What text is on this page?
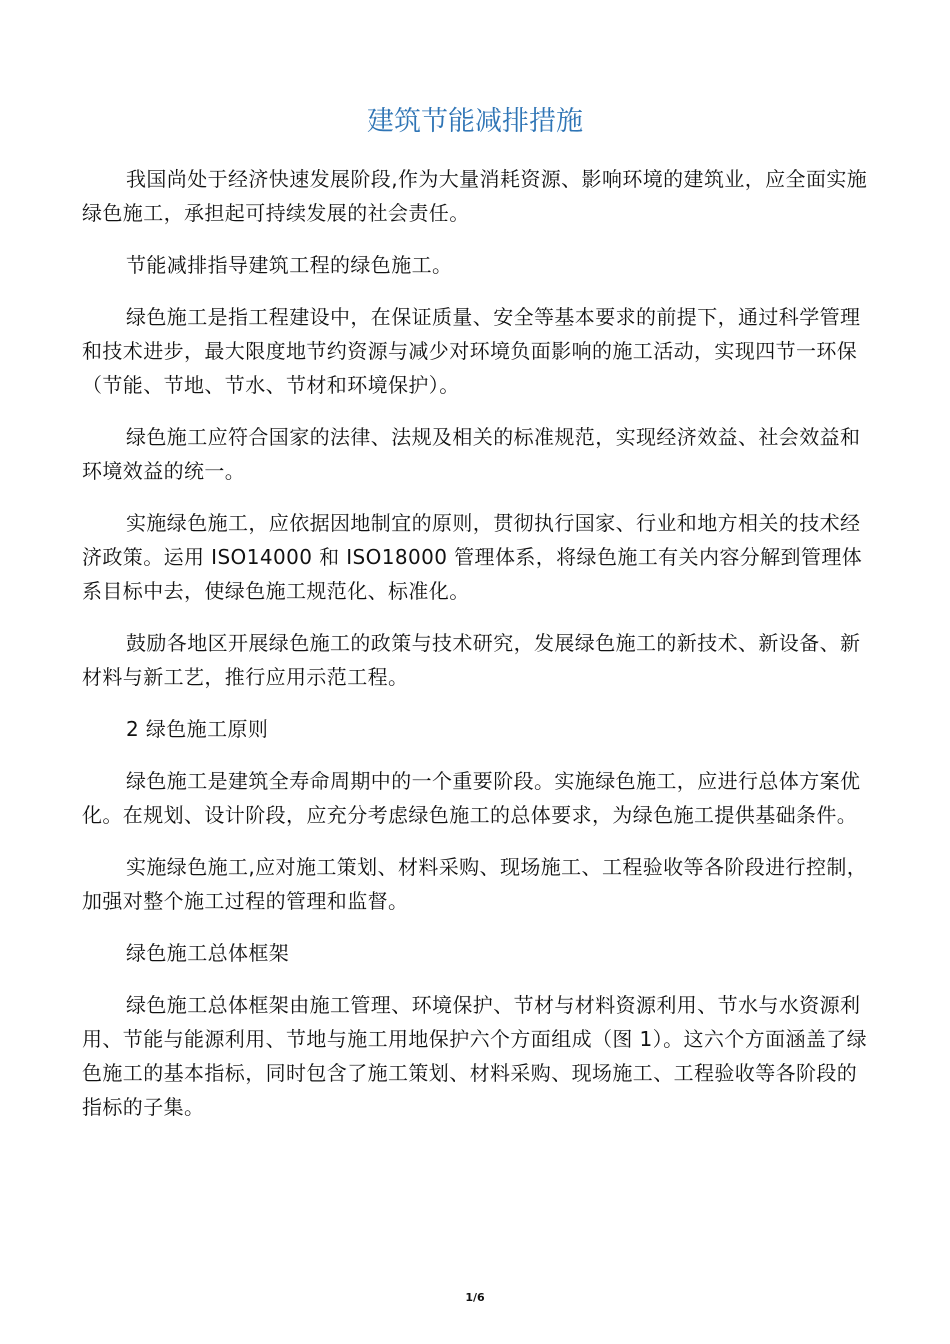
建筑节能减排措施

我国尚处于经济快速发展阶段,作为大量消耗资源、影响环境的建筑业，应全面实施绿色施工，承担起可持续发展的社会责任。

节能减排指导建筑工程的绿色施工。

绿色施工是指工程建设中，在保证质量、安全等基本要求的前提下，通过科学管理和技术进步，最大限度地节约资源与减少对环境负面影响的施工活动，实现四节一环保（节能、节地、节水、节材和环境保护）。

绿色施工应符合国家的法律、法规及相关的标准规范，实现经济效益、社会效益和环境效益的统一。

实施绿色施工，应依据因地制宜的原则，贯彻执行国家、行业和地方相关的技术经济政策。运用 ISO14000 和 ISO18000 管理体系，将绿色施工有关内容分解到管理体系目标中去，使绿色施工规范化、标准化。

鼓励各地区开展绿色施工的政策与技术研究，发展绿色施工的新技术、新设备、新材料与新工艺，推行应用示范工程。

2 绿色施工原则

绿色施工是建筑全寿命周期中的一个重要阶段。实施绿色施工，应进行总体方案优化。在规划、设计阶段，应充分考虑绿色施工的总体要求，为绿色施工提供基础条件。

实施绿色施工,应对施工策划、材料采购、现场施工、工程验收等各阶段进行控制，加强对整个施工过程的管理和监督。

绿色施工总体框架

绿色施工总体框架由施工管理、环境保护、节材与材料资源利用、节水与水资源利用、节能与能源利用、节地与施工用地保护六个方面组成（图 1）。这六个方面涵盖了绿色施工的基本指标，同时包含了施工策划、材料采购、现场施工、工程验收等各阶段的指标的子集。

1/6
